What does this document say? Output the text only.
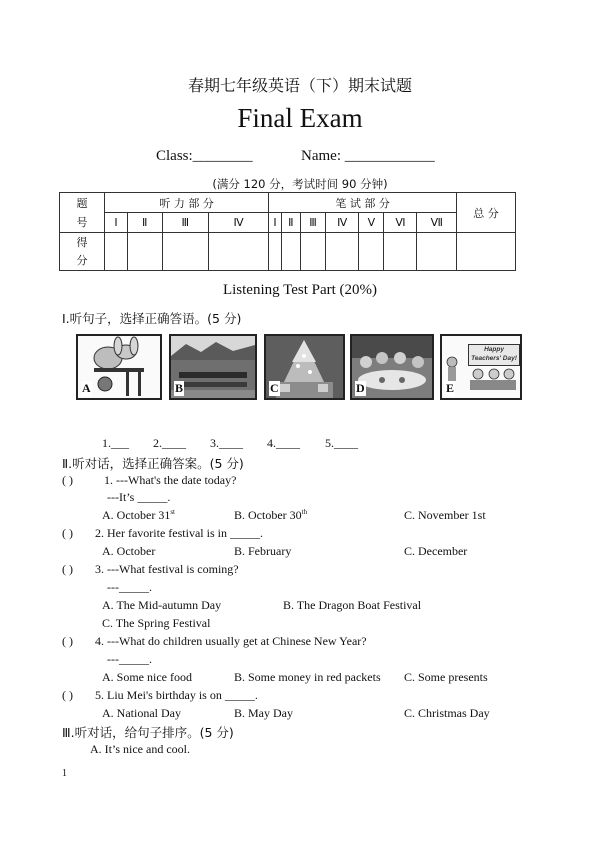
春期七年级英语（下）期末试题
Final Exam
Class:________	Name: ____________
(满分 120 分，考试时间 90 分钟)
题号	听 力 部 分				笔 试 部 分							总 分
	Ⅰ	Ⅱ	Ⅲ	Ⅳ	Ⅰ	Ⅱ	Ⅲ	Ⅳ	Ⅴ	Ⅵ	Ⅶ	
得分												
Listening Test Part (20%)
Ⅰ.听句子，选择正确答语。(5 分)
A	B	C	D
Happy Teachers' Day!
E
1.___ 2.____ 3.____ 4.____ 5.____
Ⅱ.听对话，选择正确答案。(5 分)
( )	1. ---What's the date today?
---It’s _____.
A. October 31st	B. October 30th	C. November 1st
( ) 2. Her favorite festival is in _____.
A. October	B. February	C. December
( ) 3. ---What festival is coming?
---_____.
A. The Mid-autumn Day	B. The Dragon Boat Festival
C. The Spring Festival
( ) 4. ---What do children usually get at Chinese New Year?
---_____.
A. Some nice food	B. Some money in red packets C. Some presents
( ) 5. Liu Mei's birthday is on _____.
A. National Day	B. May Day	C. Christmas Day
Ⅲ.听对话，给句子排序。(5 分)
A. It’s nice and cool.
1
